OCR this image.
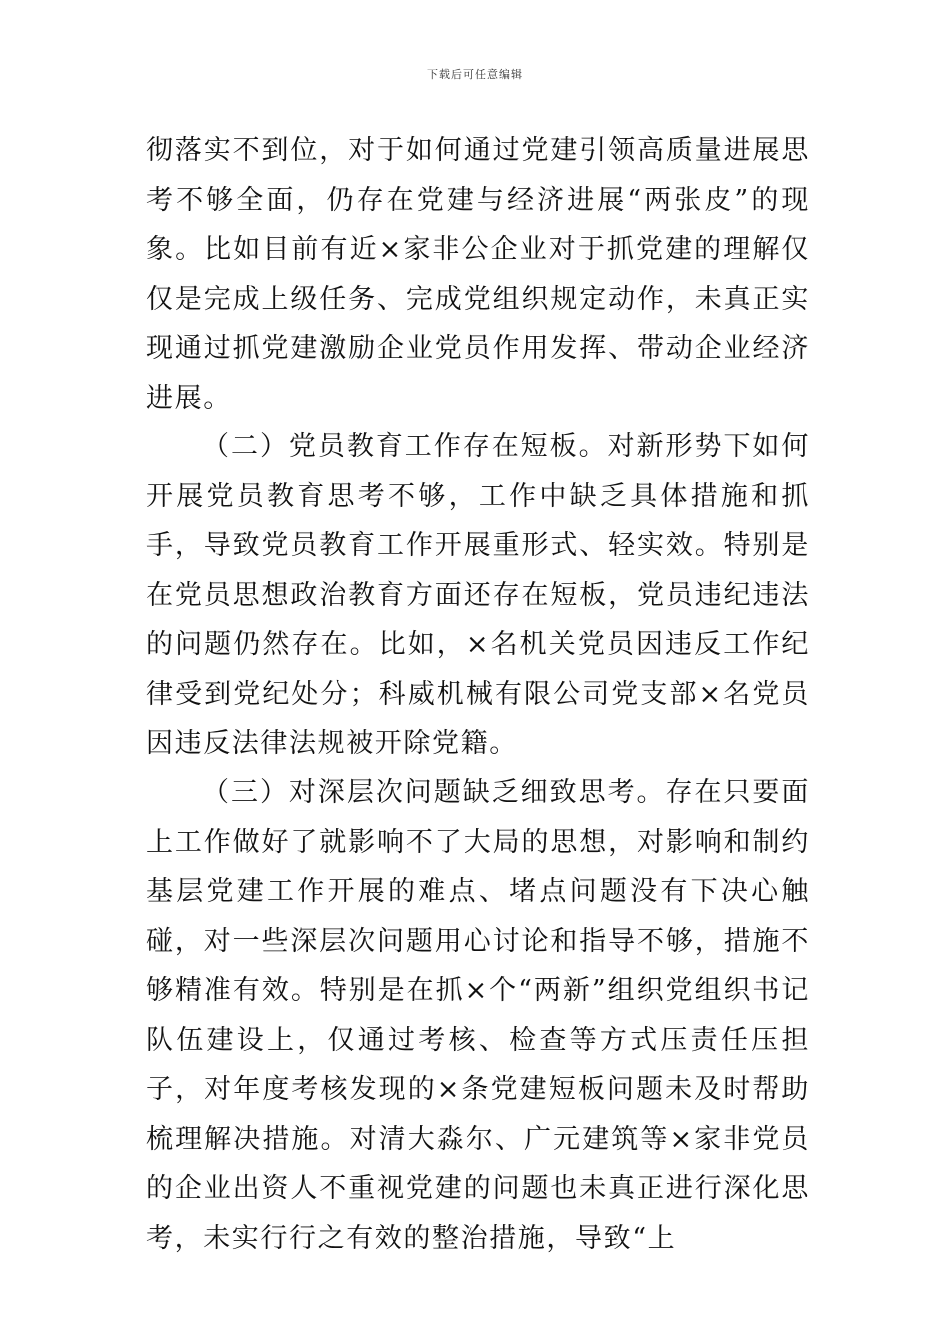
下载后可任意编辑

彻落实不到位，对于如何通过党建引领高质量进展思考不够全面，仍存在党建与经济进展“两张皮”的现象。比如目前有近×家非公企业对于抓党建的理解仅仅是完成上级任务、完成党组织规定动作，未真正实现通过抓党建激励企业党员作用发挥、带动企业经济进展。

（二）党员教育工作存在短板。对新形势下如何开展党员教育思考不够，工作中缺乏具体措施和抓手，导致党员教育工作开展重形式、轻实效。特别是在党员思想政治教育方面还存在短板，党员违纪违法的问题仍然存在。比如，×名机关党员因违反工作纪律受到党纪处分；科威机械有限公司党支部×名党员因违反法律法规被开除党籍。

（三）对深层次问题缺乏细致思考。存在只要面上工作做好了就影响不了大局的思想，对影响和制约基层党建工作开展的难点、堵点问题没有下决心触碰，对一些深层次问题用心讨论和指导不够，措施不够精准有效。特别是在抓×个“两新”组织党组织书记队伍建设上，仅通过考核、检查等方式压责任压担子，对年度考核发现的×条党建短板问题未及时帮助梳理解决措施。对清大淼尔、广元建筑等×家非党员的企业出资人不重视党建的问题也未真正进行深化思考，未实行行之有效的整治措施，导致“上
